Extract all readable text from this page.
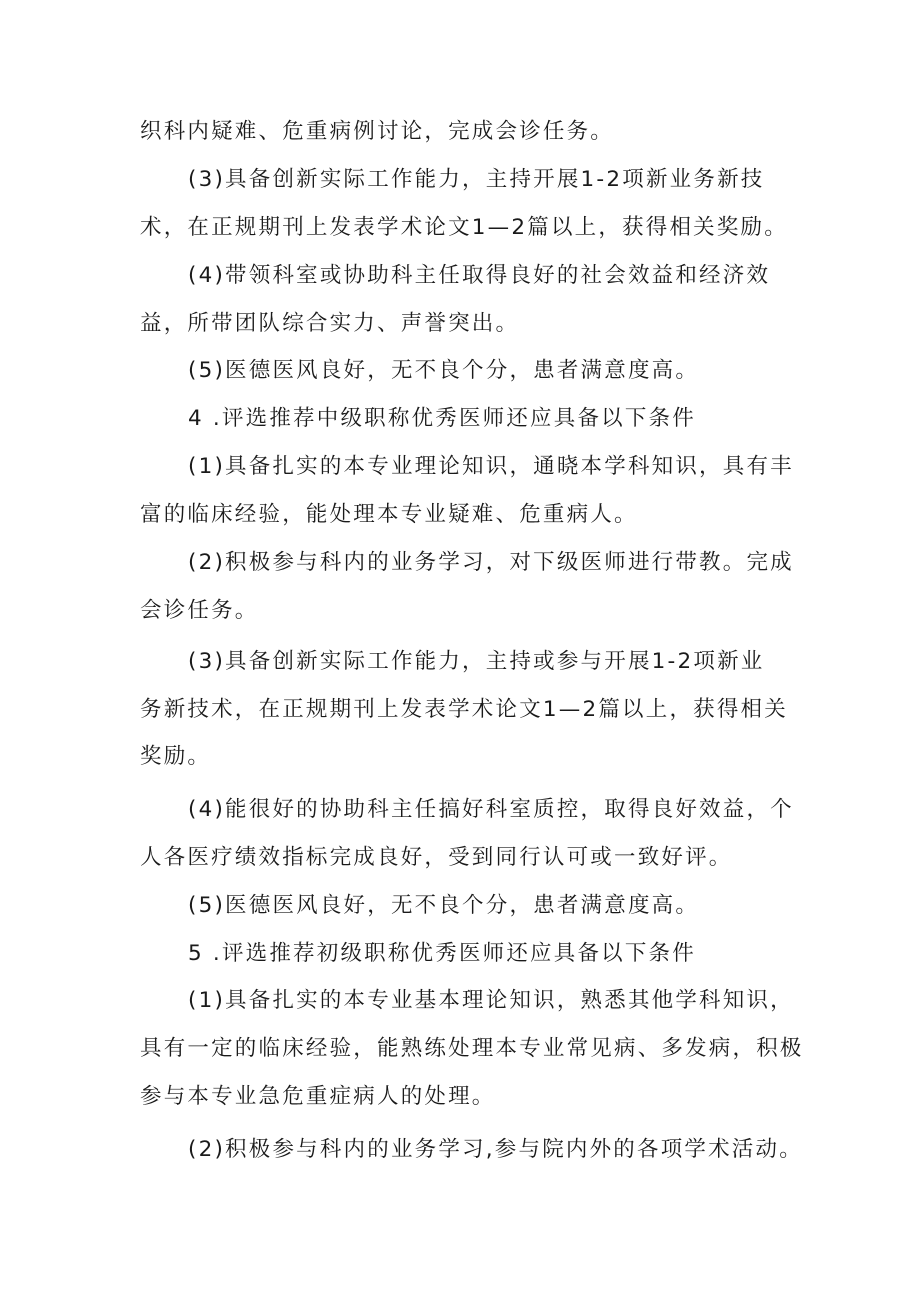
织科内疑难、危重病例讨论，完成会诊任务。
(3)具备创新实际工作能力，主持开展1-2项新业务新技
术，在正规期刊上发表学术论文1—2篇以上，获得相关奖励。
(4)带领科室或协助科主任取得良好的社会效益和经济效
益，所带团队综合实力、声誉突出。
(5)医德医风良好，无不良个分，患者满意度高。
4 .评选推荐中级职称优秀医师还应具备以下条件
(1)具备扎实的本专业理论知识，通晓本学科知识，具有丰
富的临床经验，能处理本专业疑难、危重病人。
(2)积极参与科内的业务学习，对下级医师进行带教。完成
会诊任务。
(3)具备创新实际工作能力，主持或参与开展1-2项新业
务新技术，在正规期刊上发表学术论文1—2篇以上，获得相关
奖励。
(4)能很好的协助科主任搞好科室质控，取得良好效益，个
人各医疗绩效指标完成良好，受到同行认可或一致好评。
(5)医德医风良好，无不良个分，患者满意度高。
5 .评选推荐初级职称优秀医师还应具备以下条件
(1)具备扎实的本专业基本理论知识，熟悉其他学科知识，
具有一定的临床经验，能熟练处理本专业常见病、多发病，积极
参与本专业急危重症病人的处理。
(2)积极参与科内的业务学习,参与院内外的各项学术活动。
